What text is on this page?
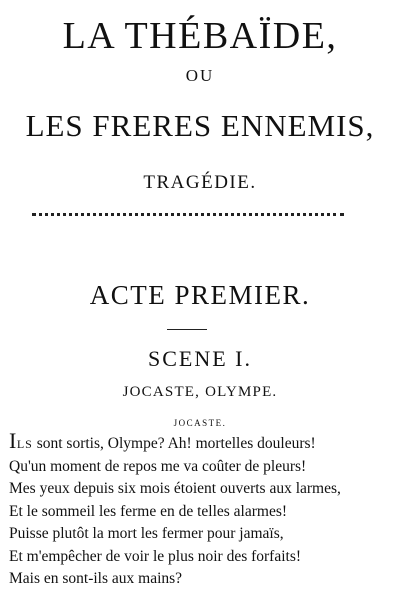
LA THÉBAÏDE,
OU
LES FRERES ENNEMIS,
TRAGÉDIE.
ACTE PREMIER.
SCENE I.
JOCASTE, OLYMPE.
JOCASTE.
ILS sont sortis, Olympe? Ah! mortelles douleurs!
Qu'un moment de repos me va coûter de pleurs!
Mes yeux depuis six mois étoient ouverts aux larmes,
Et le sommeil les ferme en de telles alarmes!
Puisse plutôt la mort les fermer pour jamaïs,
Et m'empêcher de voir le plus noir des forfaits!
Mais en sont-ils aux mains?
